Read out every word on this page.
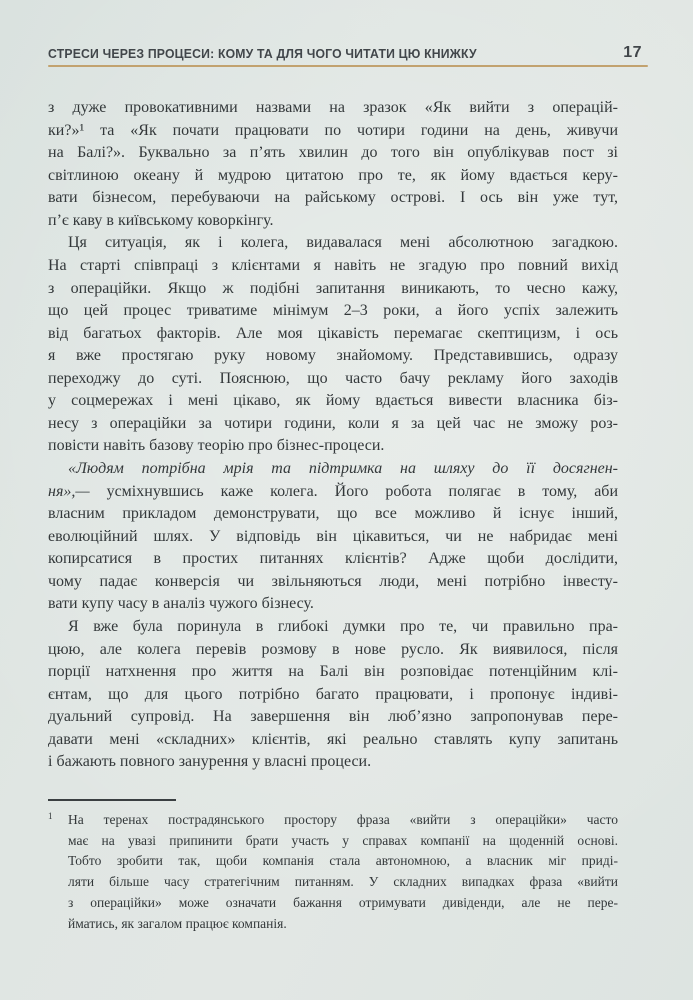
СТРЕСИ ЧЕРЕЗ ПРОЦЕСИ: КОМУ ТА ДЛЯ ЧОГО ЧИТАТИ ЦЮ КНИЖКУ	17
з дуже провокативними назвами на зразок «Як вийти з операцій-
ки?»¹ та «Як почати працювати по чотири години на день, живучи
на Балі?». Буквально за п’ять хвилин до того він опублікував пост зі
світлиною океану й мудрою цитатою про те, як йому вдається керу-
вати бізнесом, перебуваючи на райському острові. І ось він уже тут,
п’є каву в київському коворкінгу.
Ця ситуація, як і колега, видавалася мені абсолютною загадкою.
На старті співпраці з клієнтами я навіть не згадую про повний вихід
з операційки. Якщо ж подібні запитання виникають, то чесно кажу,
що цей процес триватиме мінімум 2–3 роки, а його успіх залежить
від багатьох факторів. Але моя цікавість перемагає скептицизм, і ось
я вже простягаю руку новому знайомому. Представившись, одразу
переходжу до суті. Пояснюю, що часто бачу рекламу його заходів
у соцмережах і мені цікаво, як йому вдається вивести власника біз-
несу з операційки за чотири години, коли я за цей час не зможу роз-
повісти навіть базову теорію про бізнес-процеси.
«Людям потрібна мрія та підтримка на шляху до її досягнен-
ня»,— усміхнувшись каже колега. Його робота полягає в тому, аби
власним прикладом демонструвати, що все можливо й існує інший,
еволюційний шлях. У відповідь він цікавиться, чи не набридає мені
копирсатися в простих питаннях клієнтів? Адже щоби дослідити,
чому падає конверсія чи звільняються люди, мені потрібно інвесту-
вати купу часу в аналіз чужого бізнесу.
Я вже була поринула в глибокі думки про те, чи правильно пра-
цюю, але колега перевів розмову в нове русло. Як виявилося, після
порції натхнення про життя на Балі він розповідає потенційним клі-
єнтам, що для цього потрібно багато працювати, і пропонує індиві-
дуальний супровід. На завершення він люб’язно запропонував пере-
давати мені «складних» клієнтів, які реально ставлять купу запитань
і бажають повного занурення у власні процеси.
1 На теренах пострадянського простору фраза «вийти з операційки» часто
має на увазі припинити брати участь у справах компанії на щоденній основі.
Тобто зробити так, щоби компанія стала автономною, а власник міг приді-
ляти більше часу стратегічним питанням. У складних випадках фраза «вийти
з операційки» може означати бажання отримувати дивіденди, але не пере-
йматись, як загалом працює компанія.
